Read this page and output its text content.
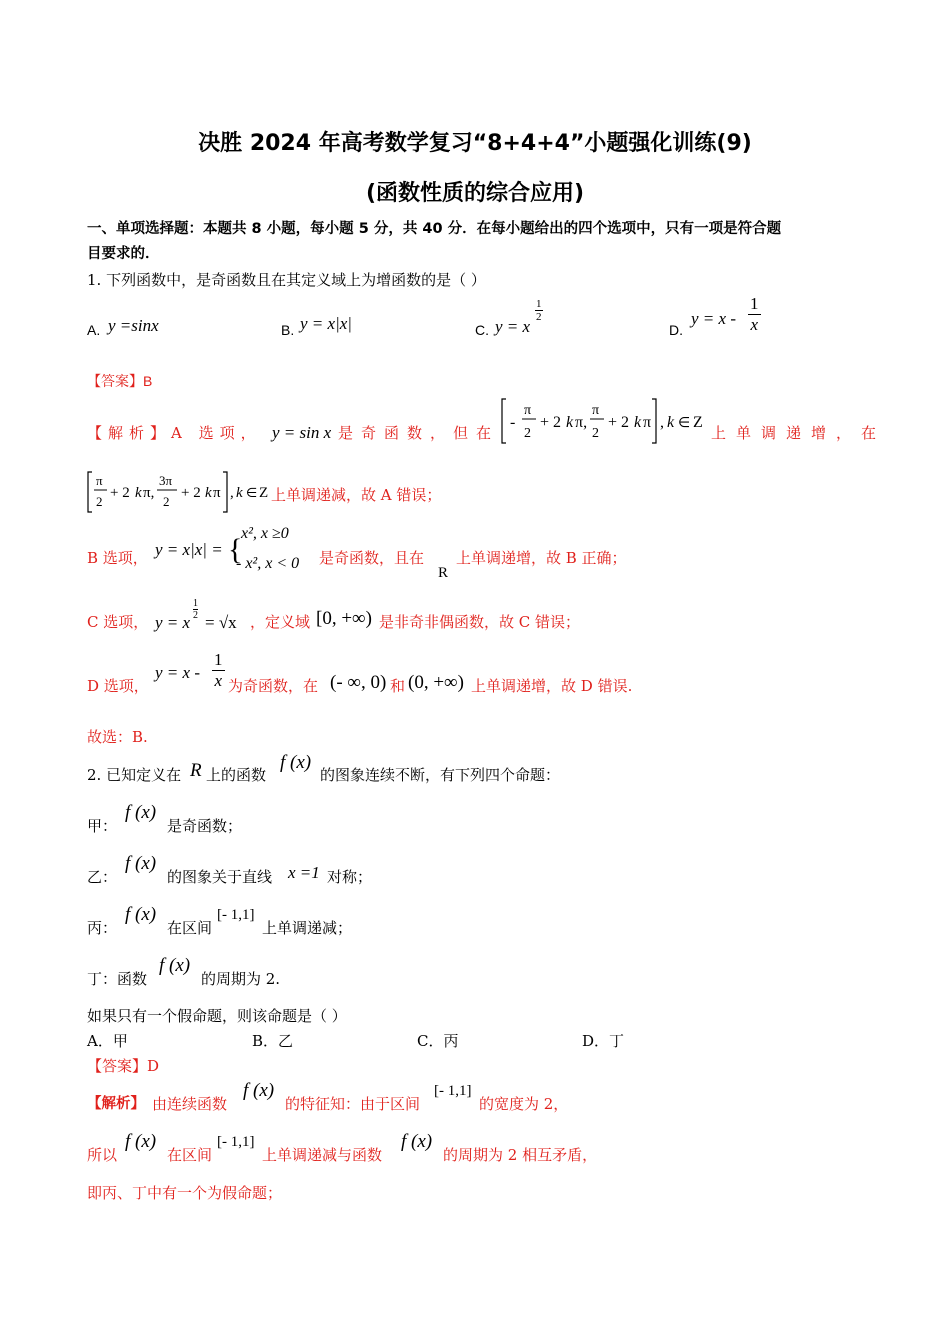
决胜 2024 年高考数学复习“8+4+4”小题强化训练(9)
(函数性质的综合应用)
一、单项选择题：本题共 8 小题，每小题 5 分，共 40 分．在每小题给出的四个选项中，只有一项是符合题
目要求的．
1. 下列函数中，是奇函数且在其定义域上为增函数的是（ ）
A. y =sinx	B. y = x|x|	C. y = x
$\frac{1}{2}$
D.
$y = x - \frac{1}{x}$
【答案】B
【解析】A 选项， y = sin x 是奇函数，但在
-
π
2
+ 2 k π,
π
2
+ 2 k π , k ∈ Z
上单调递增，在
π
2
+ 2 k π,
3π
2
+ 2 k π , k ∈ Z 上单调递减，故 A 错误；
B 选项， y = x|x| = {
x², x ≥0
- x², x < 0 是奇函数，且在
R
上单调递增，故 B 正确；
C 选项， y = x
$\frac{1}{2}$
= √x ，定义域 [0, +∞) 是非奇非偶函数，故 C 错误；
D 选项，
$y = x - \frac{1}{x}$ 为奇函数，在 (- ∞, 0) 和 (0, +∞) 上单调递增，故 D 错误.
故选：B.
2. 已知定义在 R 上的函数
f (x)
的图象连续不断，有下列四个命题：
甲：
f (x)
是奇函数；
乙：
f (x)
的图象关于直线 x =1 对称；
丙：
f (x)
在区间
[- 1,1]
上单调递减；
丁：函数
f (x)
的周期为 2.
如果只有一个假命题，则该命题是（ ）
A．甲	B．乙	C．丙	D．丁
【答案】D
【解析】 由连续函数
f (x)
的特征知：由于区间
[- 1,1]
的宽度为 2，
所以
f (x)
在区间
[- 1,1]
上单调递减与函数
f (x)
的周期为 2 相互矛盾，
即丙、丁中有一个为假命题；
